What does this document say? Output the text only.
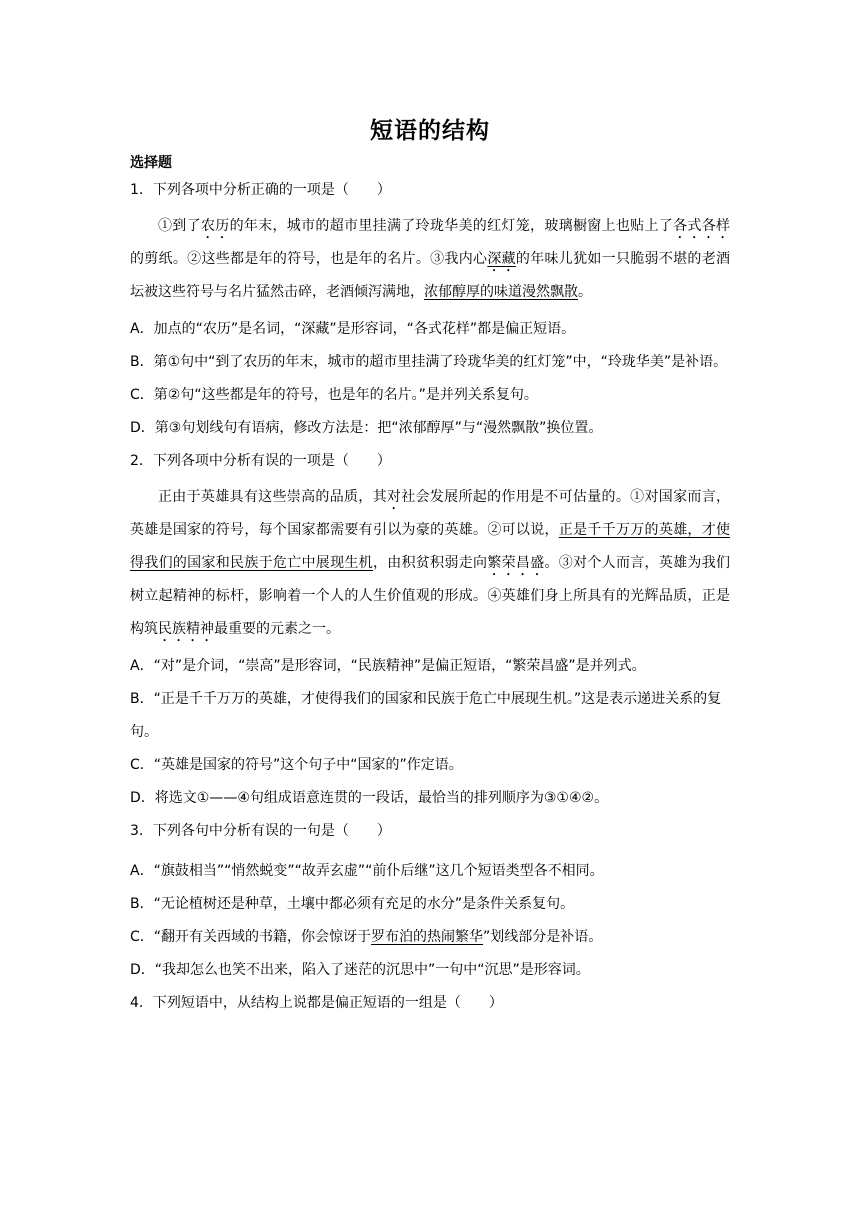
短语的结构
选择题

1．下列各项中分析正确的一项是（　　）

①到了农历的年末，城市的超市里挂满了玲珑华美的红灯笼，玻璃橱窗上也贴上了各式各样的剪纸。②这些都是年的符号，也是年的名片。③我内心深藏的年味儿犹如一只脆弱不堪的老酒坛被这些符号与名片猛然击碎，老酒倾泻满地，浓郁醇厚的味道漫然飘散。

A．加点的“农历”是名词，“深藏”是形容词，“各式花样”都是偏正短语。

B．第①句中“到了农历的年末，城市的超市里挂满了玲珑华美的红灯笼”中，“玲珑华美”是补语。

C．第②句“这些都是年的符号，也是年的名片。”是并列关系复句。

D．第③句划线句有语病，修改方法是：把“浓郁醇厚”与“漫然飘散”换位置。

2．下列各项中分析有误的一项是（　　）

正由于英雄具有这些崇高的品质，其对社会发展所起的作用是不可估量的。①对国家而言，英雄是国家的符号，每个国家都需要有引以为豪的英雄。②可以说，正是千千万万的英雄，才使得我们的国家和民族于危亡中展现生机，由积贫积弱走向繁荣昌盛。③对个人而言，英雄为我们树立起精神的标杆，影响着一个人的人生价值观的形成。④英雄们身上所具有的光辉品质，正是构筑民族精神最重要的元素之一。

A．“对”是介词，“崇高”是形容词，“民族精神”是偏正短语，“繁荣昌盛”是并列式。

B．“正是千千万万的英雄，才使得我们的国家和民族于危亡中展现生机。”这是表示递进关系的复句。

C．“英雄是国家的符号”这个句子中“国家的”作定语。

D．将选文①——④句组成语意连贯的一段话，最恰当的排列顺序为③①④②。

3．下列各句中分析有误的一句是（　　）

A．“旗鼓相当”“悄然蜕变”“故弄玄虚”“前仆后继”这几个短语类型各不相同。

B．“无论植树还是种草，土壤中都必须有充足的水分”是条件关系复句。

C．“翻开有关西域的书籍，你会惊讶于罗布泊的热闹繁华”划线部分是补语。

D．“我却怎么也笑不出来，陷入了迷茫的沉思中”一句中“沉思”是形容词。

4．下列短语中，从结构上说都是偏正短语的一组是（　　）
